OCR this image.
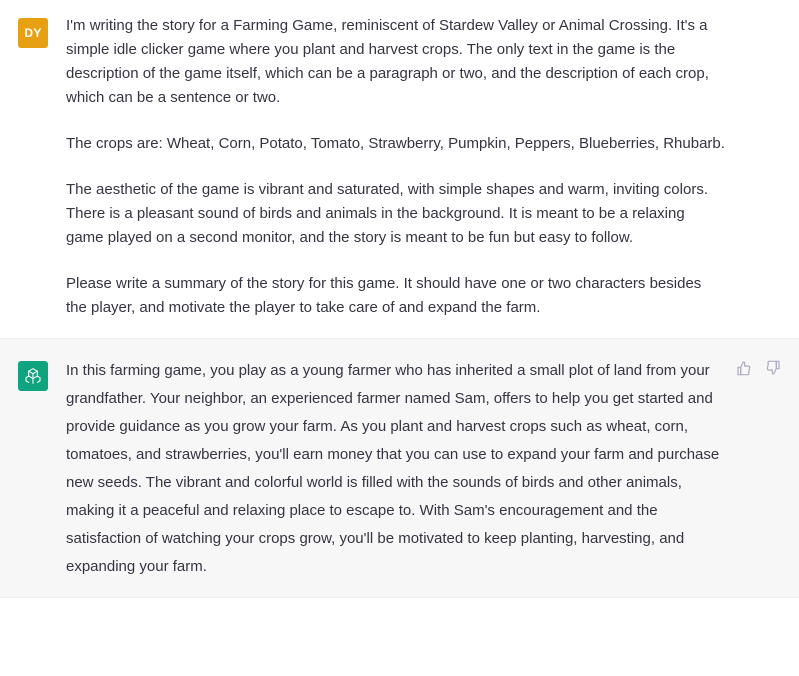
DY I'm writing the story for a Farming Game, reminiscent of Stardew Valley or Animal Crossing. It's a simple idle clicker game where you plant and harvest crops. The only text in the game is the description of the game itself, which can be a paragraph or two, and the description of each crop, which can be a sentence or two.

The crops are: Wheat, Corn, Potato, Tomato, Strawberry, Pumpkin, Peppers, Blueberries, Rhubarb.

The aesthetic of the game is vibrant and saturated, with simple shapes and warm, inviting colors. There is a pleasant sound of birds and animals in the background. It is meant to be a relaxing game played on a second monitor, and the story is meant to be fun but easy to follow.

Please write a summary of the story for this game. It should have one or two characters besides the player, and motivate the player to take care of and expand the farm.

In this farming game, you play as a young farmer who has inherited a small plot of land from your grandfather. Your neighbor, an experienced farmer named Sam, offers to help you get started and provide guidance as you grow your farm. As you plant and harvest crops such as wheat, corn, tomatoes, and strawberries, you'll earn money that you can use to expand your farm and purchase new seeds. The vibrant and colorful world is filled with the sounds of birds and other animals, making it a peaceful and relaxing place to escape to. With Sam's encouragement and the satisfaction of watching your crops grow, you'll be motivated to keep planting, harvesting, and expanding your farm.
